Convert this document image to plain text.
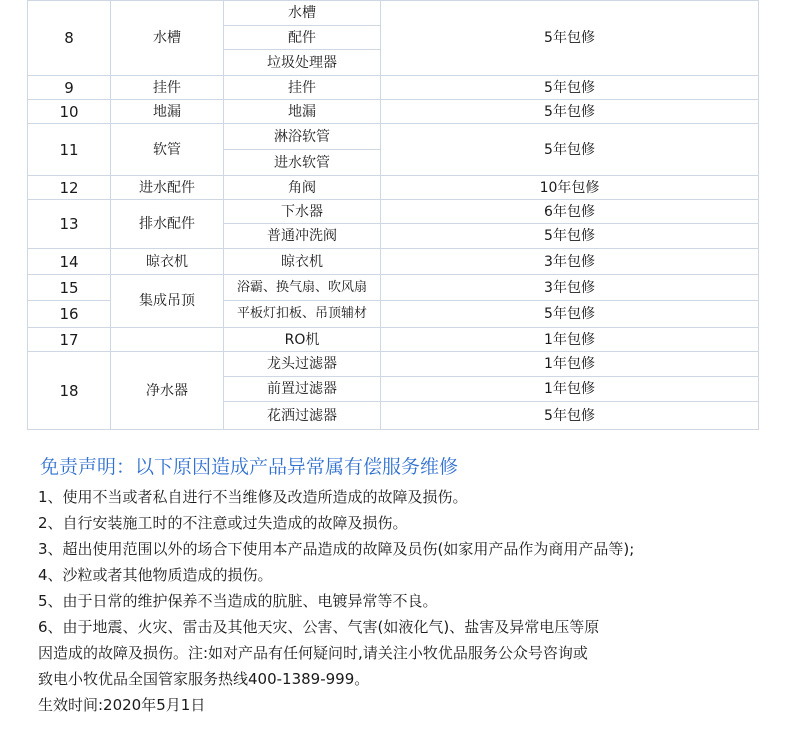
8	水槽	水槽	5年包修
		配件	
		垃圾处理器	
9	挂件	挂件	5年包修
10	地漏	地漏	5年包修
11	软管	淋浴软管	5年包修
		进水软管	
12	进水配件	角阀	10年包修
13	排水配件	下水器	6年包修
		普通冲洗阀	5年包修
14	晾衣机	晾衣机	3年包修
15	集成吊顶	浴霸、换气扇、吹风扇	3年包修
16		平板灯扣板、吊顶辅材	5年包修
17		RO机	1年包修
18	净水器	龙头过滤器	1年包修
		前置过滤器	1年包修
		花洒过滤器	5年包修
免责声明：以下原因造成产品异常属有偿服务维修
1、使用不当或者私自进行不当维修及改造所造成的故障及损伤。
2、自行安装施工时的不注意或过失造成的故障及损伤。
3、超出使用范围以外的场合下使用本产品造成的故障及员伤(如家用产品作为商用产品等);
4、沙粒或者其他物质造成的损伤。
5、由于日常的维护保养不当造成的肮脏、电镀异常等不良。
6、由于地震、火灾、雷击及其他天灾、公害、气害(如液化气)、盐害及异常电压等原
因造成的故障及损伤。注:如对产品有任何疑问时,请关注小牧优品服务公众号咨询或
致电小牧优品全国管家服务热线400-1389-999。
生效时间:2020年5月1日
